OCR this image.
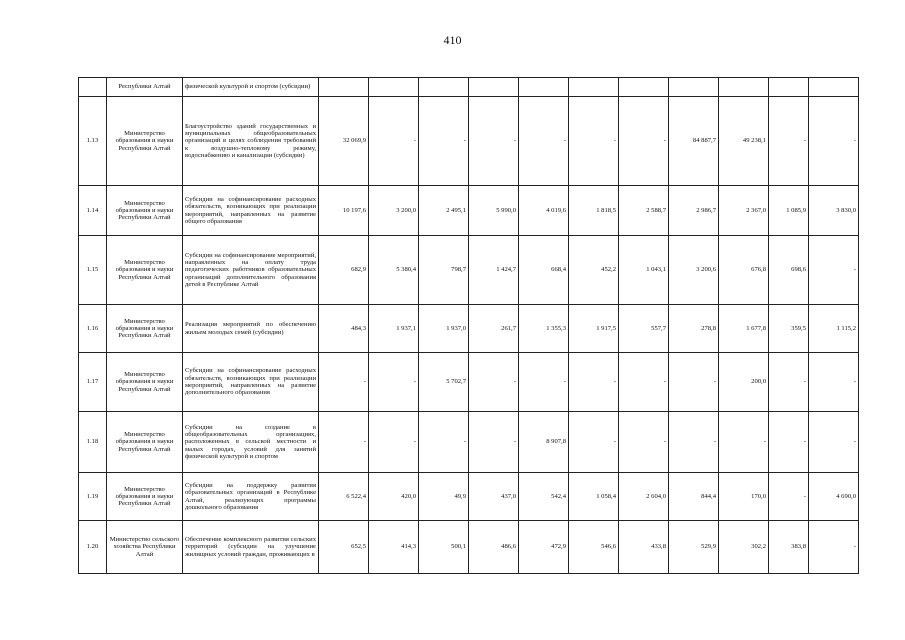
410
	Республики Алтай	физической культурой и спортом (субсидии)											
1.13	Министерство образования и науки Республики Алтай	Благоустройство зданий государственных и муниципальных общеобразовательных организаций в целях соблюдения требований к воздушно-тепловому режиму, водоснабжению и канализации (субсидии)	32 069,9	-	-	-	-	-	-	84 887,7	49 238,1	-	-
1.14	Министерство образования и науки Республики Алтай	Субсидии на софинансирование расходных обязательств, возникающих при реализации мероприятий, направленных на развитие общего образования	10 197,6	3 200,0	2 495,1	5 990,0	4 019,6	1 818,5	2 588,7	2 986,7	2 367,0	1 085,9	3 830,0
1.15	Министерство образования и науки Республики Алтай	Субсидии на софинансирование мероприятий, направленных на оплату труда педагогических работников образовательных организаций дополнительного образования детей в Республике Алтай	682,9	5 380,4	798,7	1 424,7	668,4	452,2	1 043,1	3 200,6	676,8	698,6	-
1.16	Министерство образования и науки Республики Алтай	Реализация мероприятий по обеспечению жильем молодых семей (субсидии)	484,3	1 937,1	1 937,0	261,7	1 355,3	1 917,5	557,7	278,8	1 677,8	359,5	1 115,2
1.17	Министерство образования и науки Республики Алтай	Субсидии на софинансирование расходных обязательств, возникающих при реализации мероприятий, направленных на развитие дополнительного образования	-	-	5 702,7	-	-	-	-	-	200,0	-	-
1.18	Министерство образования и науки Республики Алтай	Субсидии на создание в общеобразовательных организациях, расположенных в сельской местности и малых городах, условий для занятий физической культурой и спортом	-	-	-	-	8 907,8	-	-	-	-	-	-
1.19	Министерство образования и науки Республики Алтай	Субсидии на поддержку развития образовательных организаций в Республике Алтай, реализующих программы дошкольного образования	6 522,4	420,0	49,9	437,0	542,4	1 058,4	2 604,0	844,4	170,0	-	4 690,0
1.20	Министерство сельского хозяйства Республики Алтай	Обеспечение комплексного развития сельских территорий (субсидии на улучшение жилищных условий граждан, проживающих в	652,5	414,3	500,1	486,6	472,9	546,6	433,8	529,9	302,2	383,8	-
